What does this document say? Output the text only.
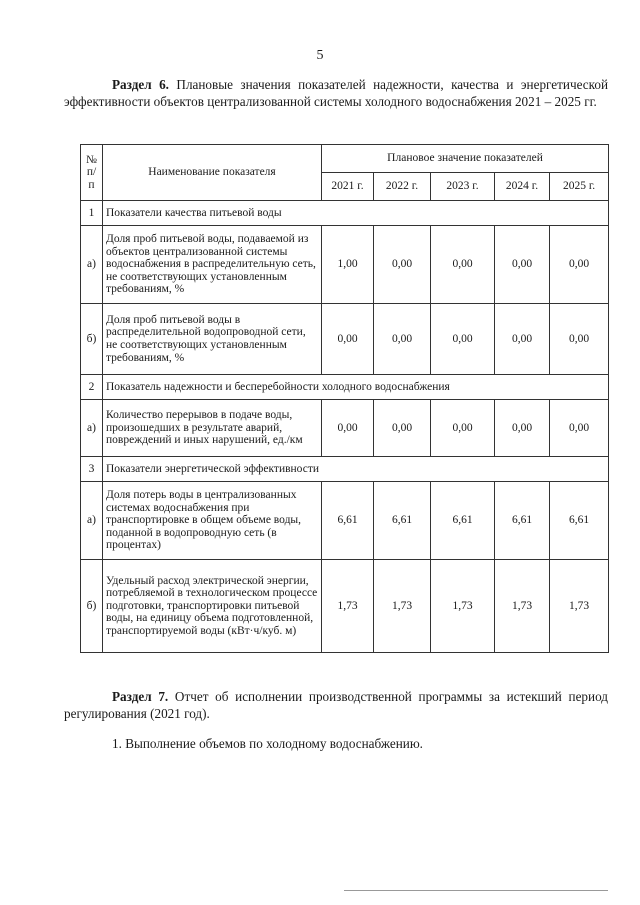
5
Раздел 6. Плановые значения показателей надежности, качества и энергетической эффективности объектов централизованной системы холодного водоснабжения 2021 – 2025 гг.
№ п/п	Наименование показателя	Плановое значение показателей				
		2021 г.	2022 г.	2023 г.	2024 г.	2025 г.
1	Показатели качества питьевой воды					
а)	Доля проб питьевой воды, подаваемой из объектов централизованной системы водоснабжения в распределительную сеть, не соответствующих установленным требованиям, %	1,00	0,00	0,00	0,00	0,00
б)	Доля проб питьевой воды в распределительной водопроводной сети, не соответствующих установленным требованиям, %	0,00	0,00	0,00	0,00	0,00
2	Показатель надежности и бесперебойности холодного водоснабжения					
а)	Количество перерывов в подаче воды, произошедших в результате аварий, повреждений и иных нарушений, ед./км	0,00	0,00	0,00	0,00	0,00
3	Показатели энергетической эффективности					
а)	Доля потерь воды в централизованных системах водоснабжения при транспортировке в общем объеме воды, поданной в водопроводную сеть (в процентах)	6,61	6,61	6,61	6,61	6,61
б)	Удельный расход электрической энергии, потребляемой в технологическом процессе подготовки, транспортировки питьевой воды, на единицу объема подготовленной, транспортируемой воды (кВт·ч/куб. м)	1,73	1,73	1,73	1,73	1,73
Раздел 7. Отчет об исполнении производственной программы за истекший период регулирования (2021 год).
1. Выполнение объемов по холодному водоснабжению.
